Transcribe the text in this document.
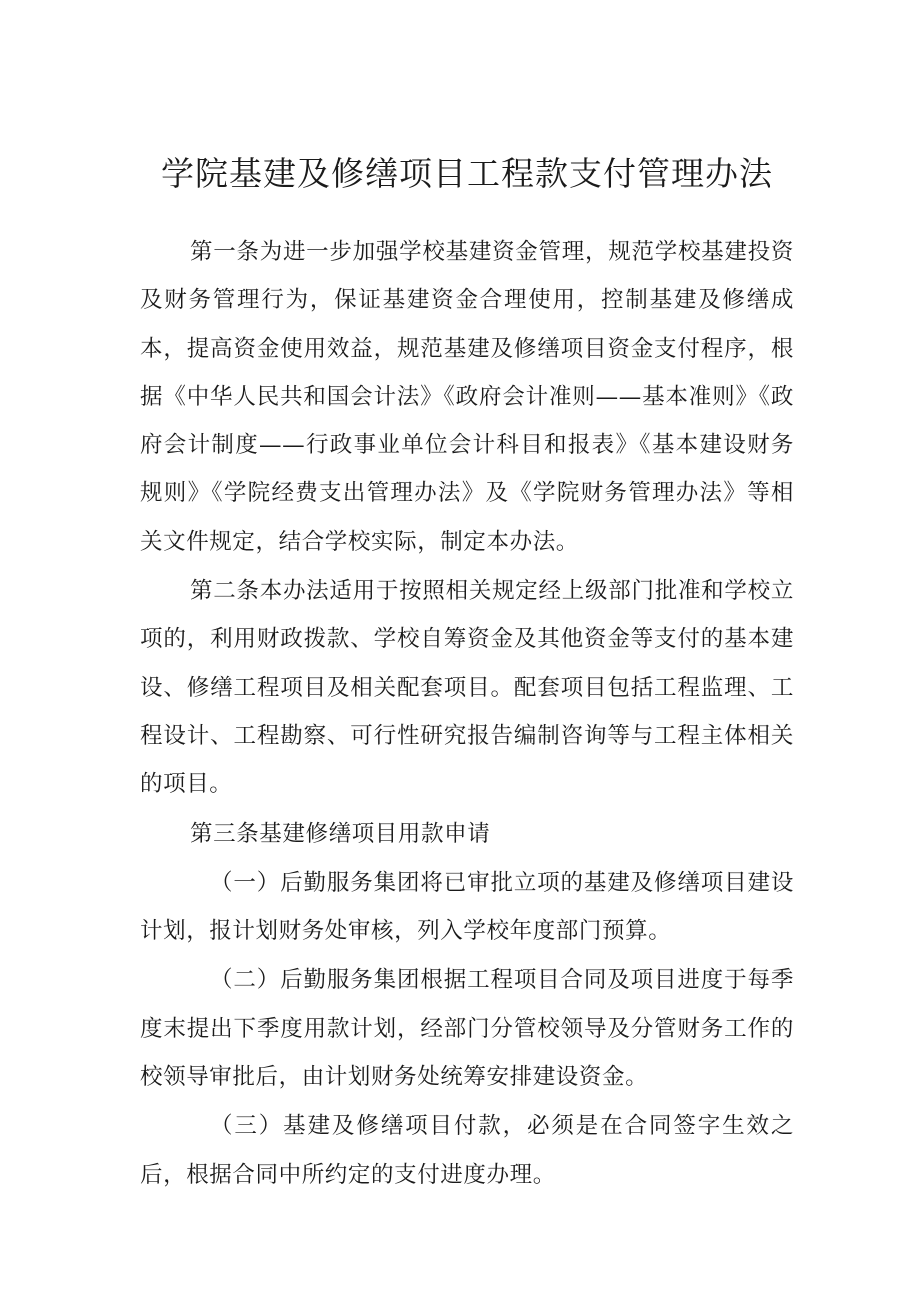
学院基建及修缮项目工程款支付管理办法

第一条为进一步加强学校基建资金管理，规范学校基建投资及财务管理行为，保证基建资金合理使用，控制基建及修缮成本，提高资金使用效益，规范基建及修缮项目资金支付程序，根据《中华人民共和国会计法》《政府会计准则——基本准则》《政府会计制度——行政事业单位会计科目和报表》《基本建设财务规则》《学院经费支出管理办法》及《学院财务管理办法》等相关文件规定，结合学校实际，制定本办法。

第二条本办法适用于按照相关规定经上级部门批准和学校立项的，利用财政拨款、学校自筹资金及其他资金等支付的基本建设、修缮工程项目及相关配套项目。配套项目包括工程监理、工程设计、工程勘察、可行性研究报告编制咨询等与工程主体相关的项目。

第三条基建修缮项目用款申请

（一）后勤服务集团将已审批立项的基建及修缮项目建设计划，报计划财务处审核，列入学校年度部门预算。

（二）后勤服务集团根据工程项目合同及项目进度于每季度末提出下季度用款计划，经部门分管校领导及分管财务工作的校领导审批后，由计划财务处统筹安排建设资金。

（三）基建及修缮项目付款，必须是在合同签字生效之后，根据合同中所约定的支付进度办理。
